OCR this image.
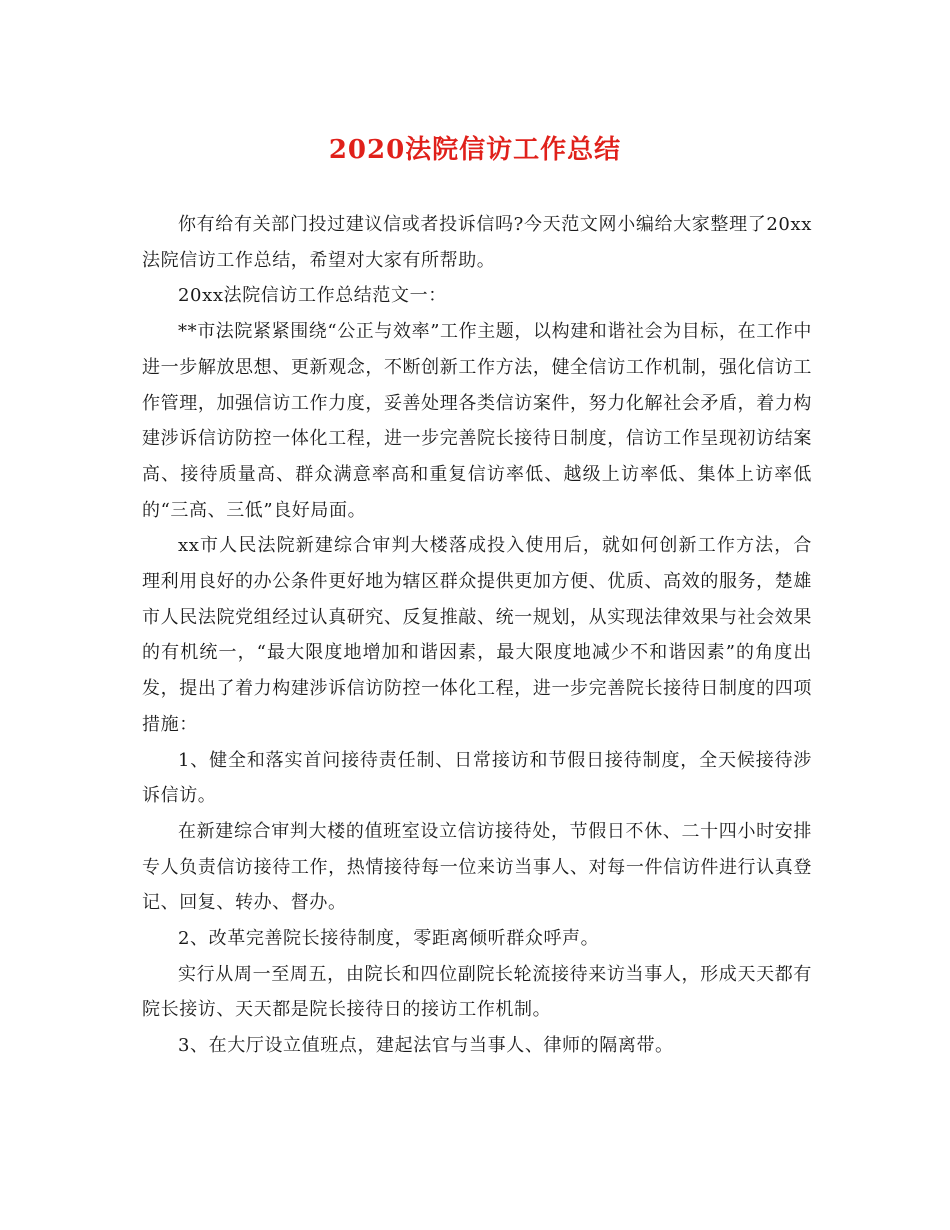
2020法院信访工作总结

你有给有关部门投过建议信或者投诉信吗?今天范文网小编给大家整理了20xx法院信访工作总结，希望对大家有所帮助。

20xx法院信访工作总结范文一：

**市法院紧紧围绕“公正与效率”工作主题，以构建和谐社会为目标，在工作中进一步解放思想、更新观念，不断创新工作方法，健全信访工作机制，强化信访工作管理，加强信访工作力度，妥善处理各类信访案件，努力化解社会矛盾，着力构建涉诉信访防控一体化工程，进一步完善院长接待日制度，信访工作呈现初访结案高、接待质量高、群众满意率高和重复信访率低、越级上访率低、集体上访率低的“三高、三低”良好局面。

xx市人民法院新建综合审判大楼落成投入使用后，就如何创新工作方法，合理利用良好的办公条件更好地为辖区群众提供更加方便、优质、高效的服务，楚雄市人民法院党组经过认真研究、反复推敲、统一规划，从实现法律效果与社会效果的有机统一，“最大限度地增加和谐因素，最大限度地减少不和谐因素”的角度出发，提出了着力构建涉诉信访防控一体化工程，进一步完善院长接待日制度的四项措施：

1、健全和落实首问接待责任制、日常接访和节假日接待制度，全天候接待涉诉信访。

在新建综合审判大楼的值班室设立信访接待处，节假日不休、二十四小时安排专人负责信访接待工作，热情接待每一位来访当事人、对每一件信访件进行认真登记、回复、转办、督办。

2、改革完善院长接待制度，零距离倾听群众呼声。

实行从周一至周五，由院长和四位副院长轮流接待来访当事人，形成天天都有院长接访、天天都是院长接待日的接访工作机制。

3、在大厅设立值班点，建起法官与当事人、律师的隔离带。
